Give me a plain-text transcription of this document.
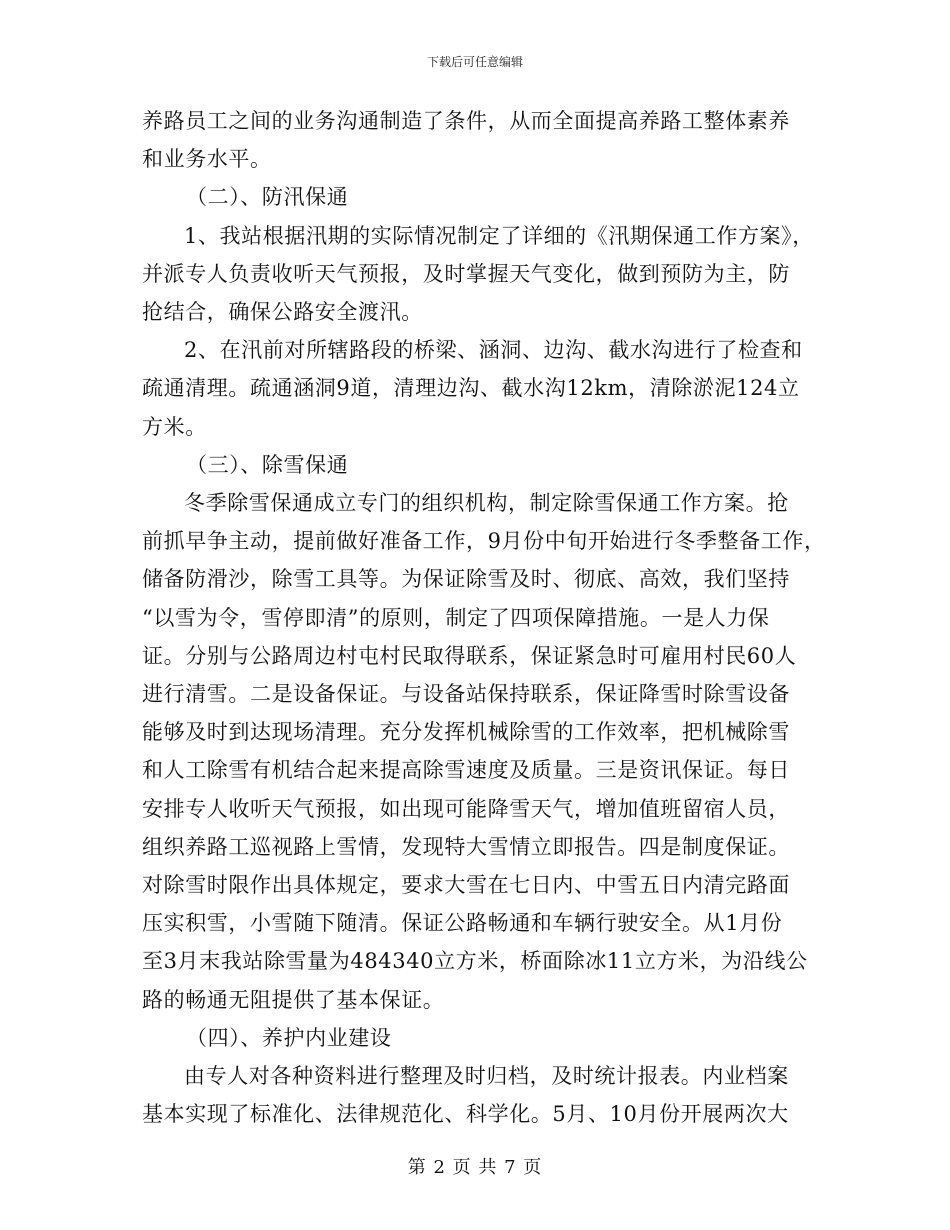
下载后可任意编辑

养路员工之间的业务沟通制造了条件，从而全面提高养路工整体素养

和业务水平。

（二）、防汛保通

1、我站根据汛期的实际情况制定了详细的《汛期保通工作方案》，

并派专人负责收听天气预报，及时掌握天气变化，做到预防为主，防

抢结合，确保公路安全渡汛。

2、在汛前对所辖路段的桥梁、涵洞、边沟、截水沟进行了检查和

疏通清理。疏通涵洞9道，清理边沟、截水沟12km，清除淤泥124立

方米。

（三）、除雪保通

冬季除雪保通成立专门的组织机构，制定除雪保通工作方案。抢

前抓早争主动，提前做好准备工作，9月份中旬开始进行冬季整备工作，

储备防滑沙，除雪工具等。为保证除雪及时、彻底、高效，我们坚持

“以雪为令，雪停即清”的原则，制定了四项保障措施。一是人力保

证。分别与公路周边村屯村民取得联系，保证紧急时可雇用村民60人

进行清雪。二是设备保证。与设备站保持联系，保证降雪时除雪设备

能够及时到达现场清理。充分发挥机械除雪的工作效率，把机械除雪

和人工除雪有机结合起来提高除雪速度及质量。三是资讯保证。每日

安排专人收听天气预报，如出现可能降雪天气，增加值班留宿人员，

组织养路工巡视路上雪情，发现特大雪情立即报告。四是制度保证。

对除雪时限作出具体规定，要求大雪在七日内、中雪五日内清完路面

压实积雪，小雪随下随清。保证公路畅通和车辆行驶安全。从1月份

至3月末我站除雪量为484340立方米，桥面除冰11立方米，为沿线公

路的畅通无阻提供了基本保证。

（四）、养护内业建设

由专人对各种资料进行整理及时归档，及时统计报表。内业档案

基本实现了标准化、法律规范化、科学化。5月、10月份开展两次大

第 2 页 共 7 页
